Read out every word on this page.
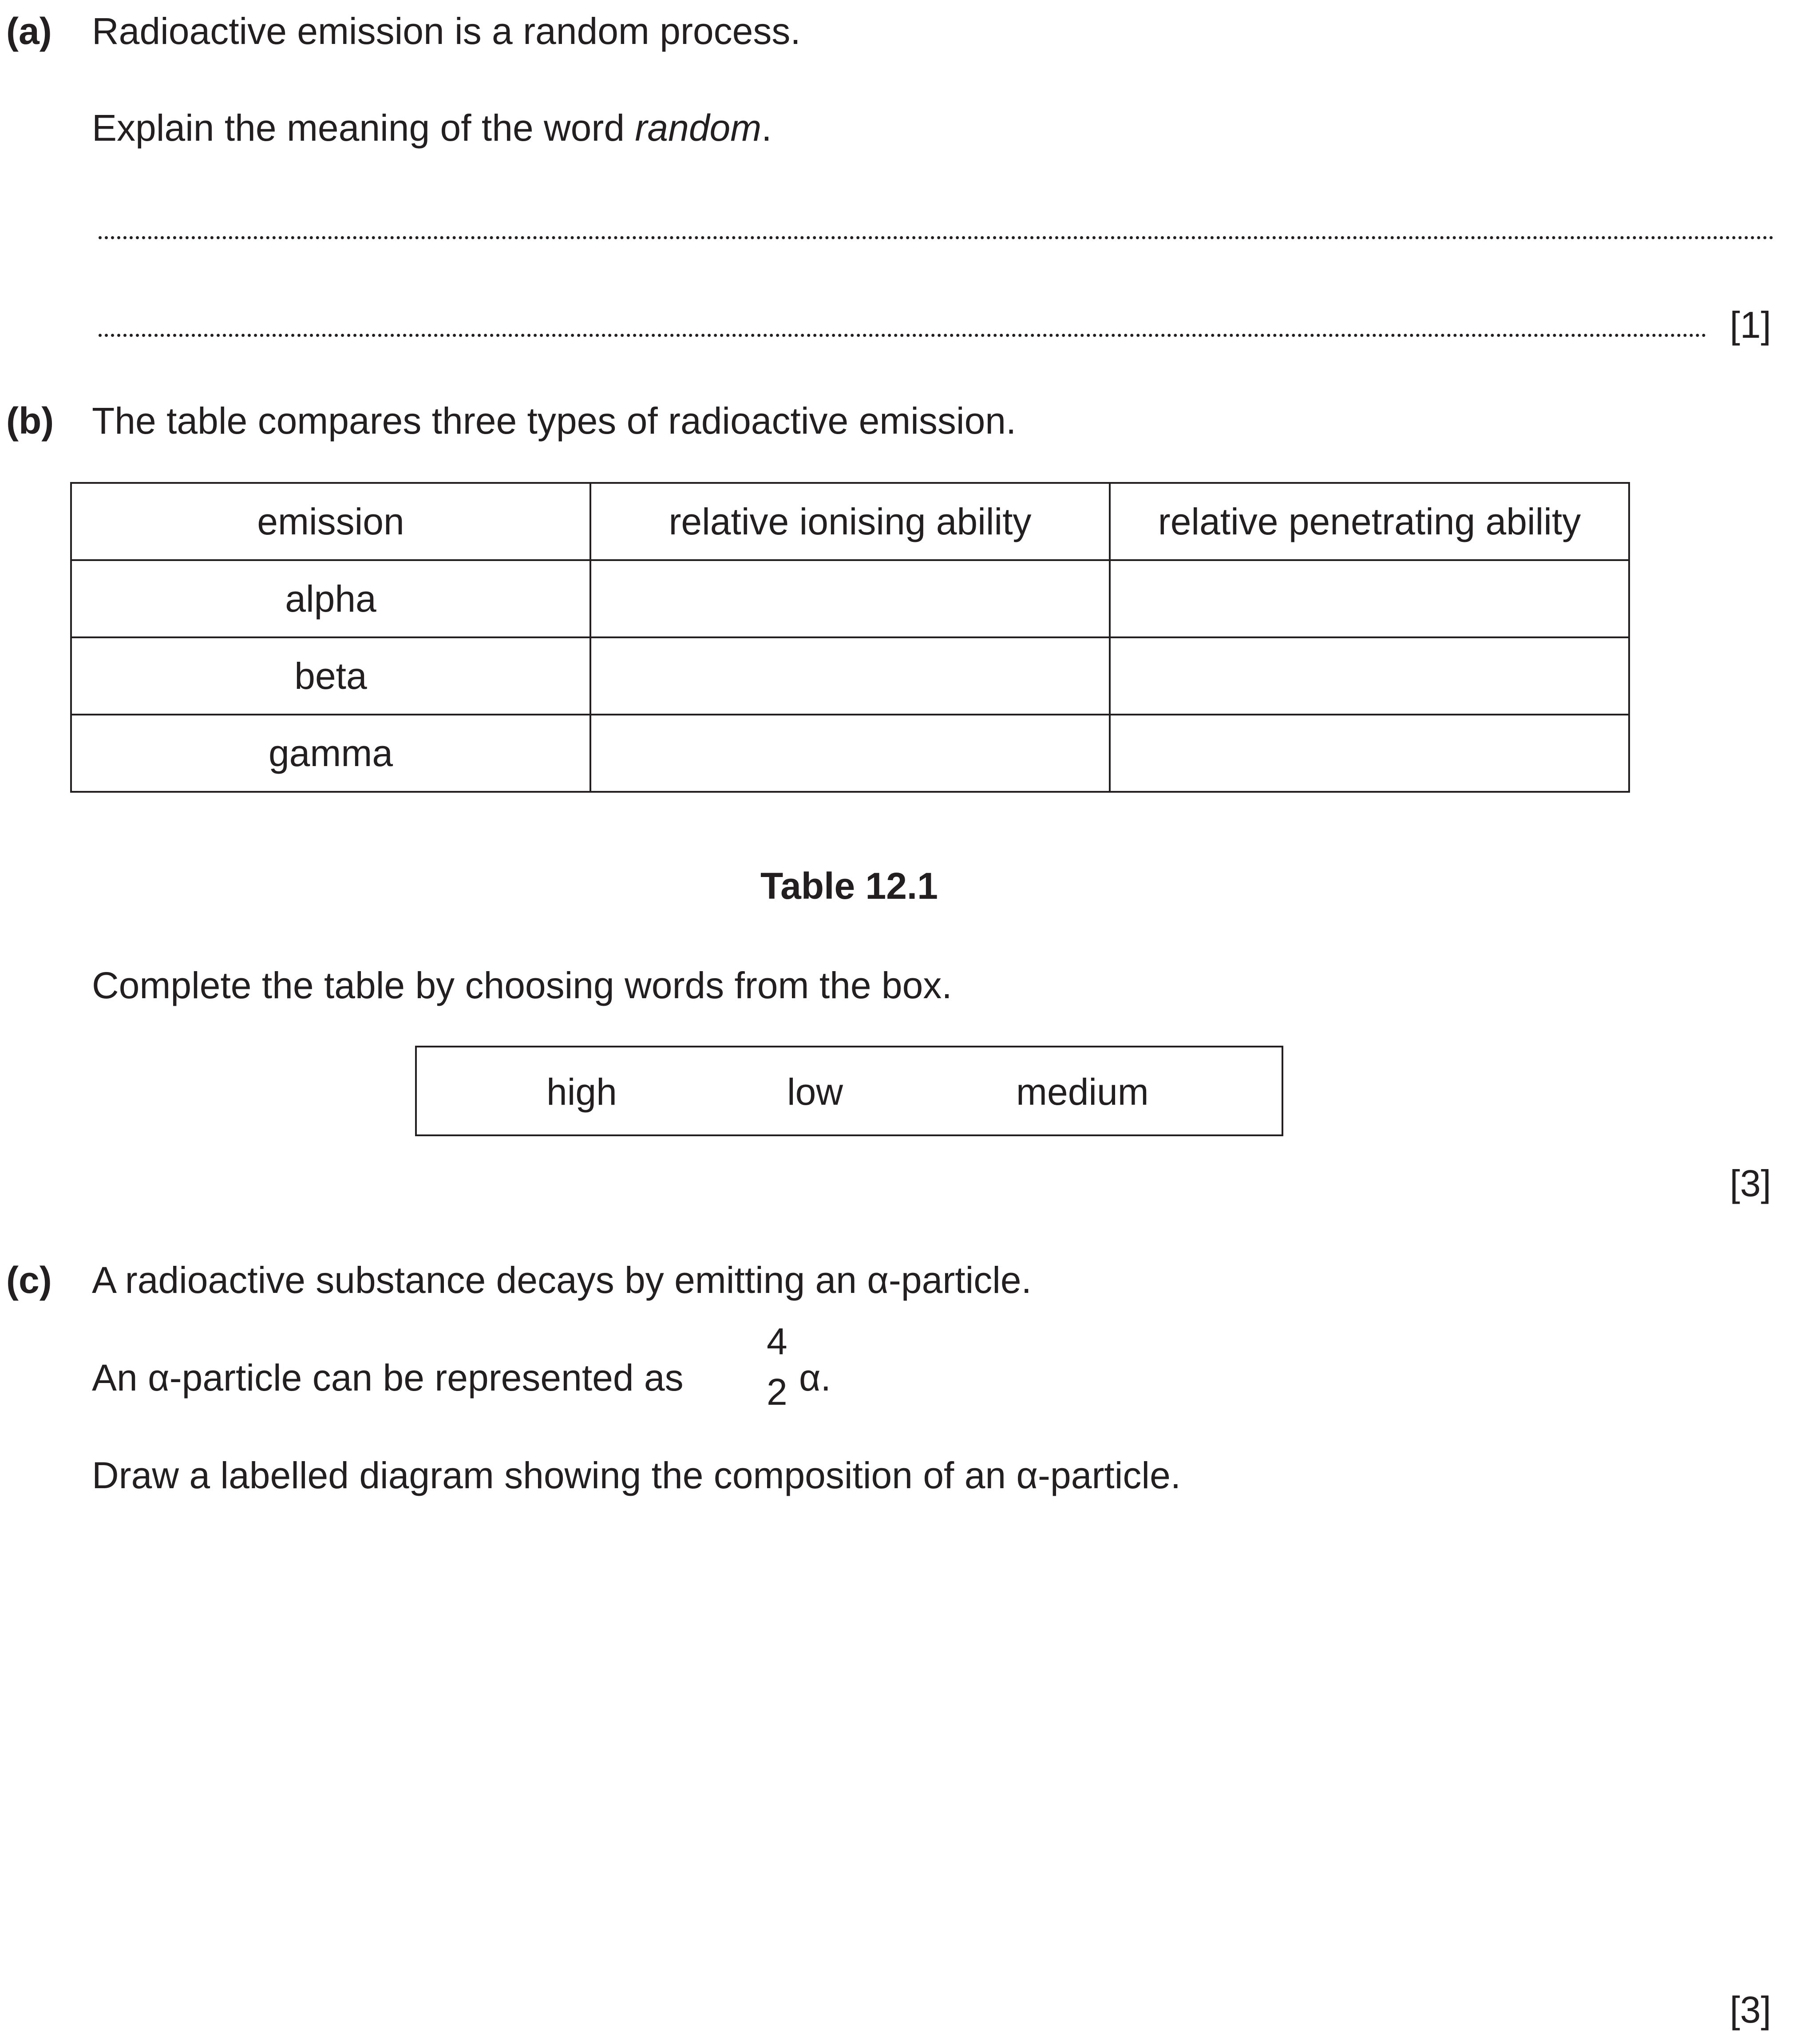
(a) Radioactive emission is a random process.
Explain the meaning of the word random.
[1]
(b) The table compares three types of radioactive emission.
emission	relative ionising ability	relative penetrating ability
alpha		
beta		
gamma		
Table 12.1
Complete the table by choosing words from the box.
high	low	medium
[3]
(c) A radioactive substance decays by emitting an α-particle.
An α-particle can be represented as
4
2 α.
Draw a labelled diagram showing the composition of an α-particle.
[3]
